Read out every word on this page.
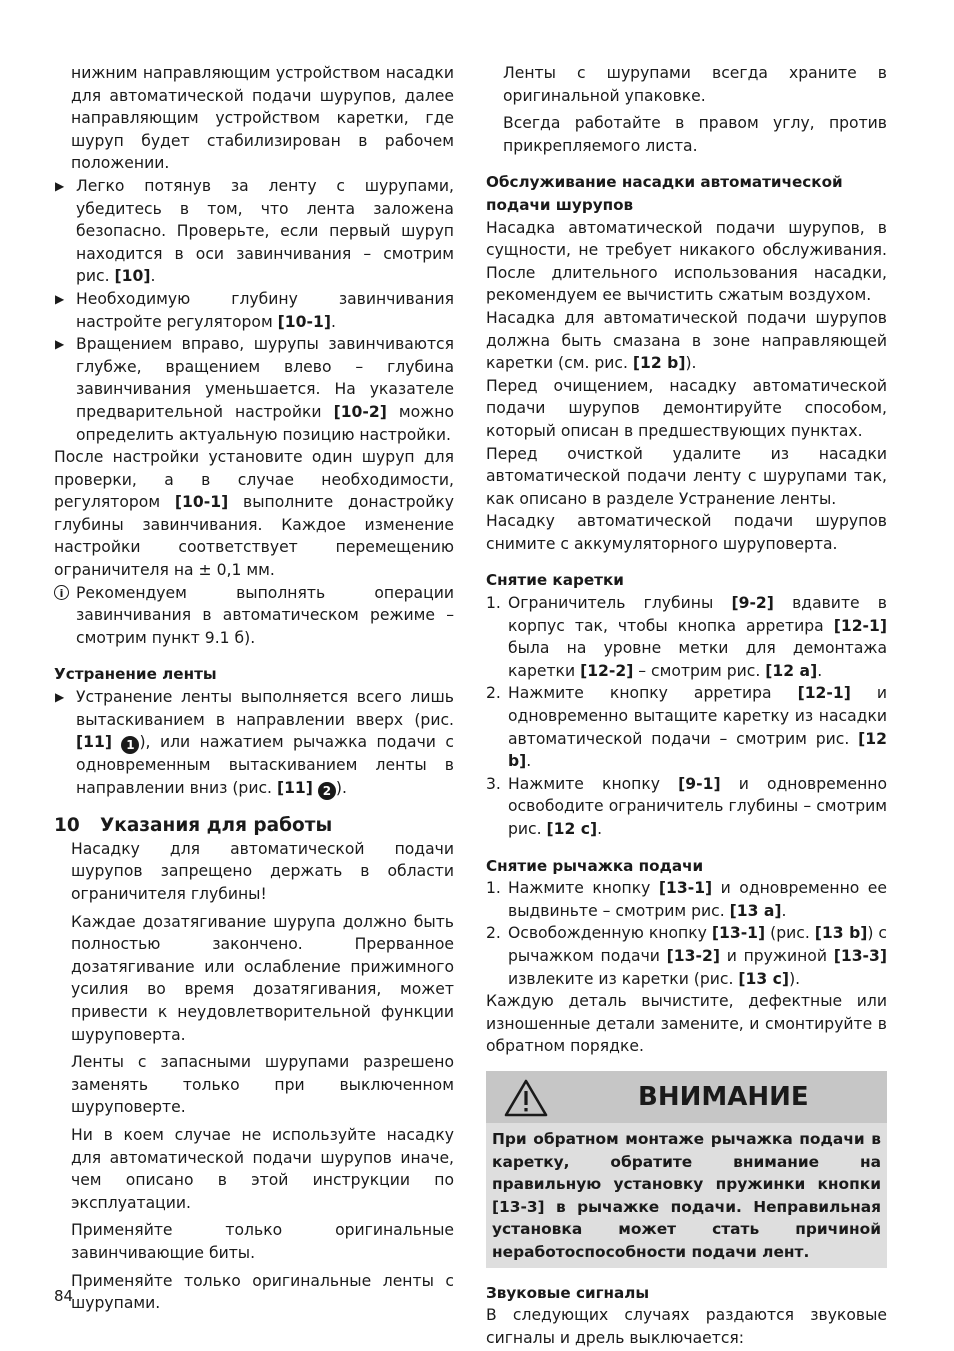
нижним направляющим устройством насадки для автоматической подачи шурупов, далее направляющим устройством каретки, где шуруп будет стабилизирован в рабочем положении.

▶ Легко потянув за ленту с шурупами, убедитесь в том, что лента заложена безопасно. Проверьте, если первый шуруп находится в оси завинчивания – смотрим рис. [10].
▶ Необходимую глубину завинчивания настройте регулятором [10-1].
▶ Вращением вправо, шурупы завинчиваются глубже, вращением влево – глубина завинчивания уменьшается. На указателе предварительной настройки [10-2] можно определить актуальную позицию настройки.

После настройки установите один шуруп для проверки, а в случае необходимости, регулятором [10-1] выполните донастройку глубины завинчивания. Каждое изменение настройки соответствует перемещению ограничителя на ± 0,1 мм.

i Рекомендуем выполнять операции завинчивания в автоматическом режиме – смотрим пункт 9.1 б).
Устранение ленты
▶ Устранение ленты выполняется всего лишь вытаскиванием в направлении вверх (рис. [11] 1 ), или нажатием рычажка подачи с одновременным вытаскиванием ленты в направлении вниз (рис. [11] 2 ).
10 Указания для работы

Насадку для автоматической подачи шурупов запрещено держать в области ограничителя глубины!

Каждае дозатягивание шурупа должно быть полностью закончено. Прерванное дозатягивание или ослабление прижимного усилия во время дозатягивания, может привести к неудовлетворительной функции шуруповерта.

Ленты с запасными шурупами разрешено заменять только при выключенном шуруповерте.

Ни в коем случае не используйте насадку для автоматической подачи шурупов иначе, чем описано в этой инструкции по эксплуатации.

Применяйте только оригинальные завинчивающие биты.

Применяйте только оригинальные ленты с шурупами.

Ленты с шурупами всегда храните в оригинальной упаковке.

Всегда работайте в правом углу, против прикрепляемого листа.

Обслуживание насадки автоматической подачи шурупов

Насадка автоматической подачи шурупов, в сущности, не требует никакого обслуживания. После длительного использования насадки, рекомендуем ее вычистить сжатым воздухом.

Насадка для автоматической подачи шурупов должна быть смазана в зоне направляющей каретки (см. рис. [12 b]).

Перед очищением, насадку автоматической подачи шурупов демонтируйте способом, который описан в предшествующих пунктах.

Перед очисткой удалите из насадки автоматической подачи ленту с шурупами так, как описано в разделе Устранение ленты.

Насадку автоматической подачи шурупов снимите с аккумуляторного шуруповерта.

Снятие каретки
1. Ограничитель глубины [9-2] вдавите в корпус так, чтобы кнопка арретира [12-1] была на уровне метки для демонтажа каретки [12-2] – смотрим рис. [12 a].
2. Нажмите кнопку арретира [12-1] и одновременно вытащите каретку из насадки автоматической подачи – смотрим рис. [12 b].
3. Нажмите кнопку [9-1] и одновременно освободите ограничитель глубины – смотрим рис. [12 c].
Снятие рычажка подачи
1. Нажмите кнопку [13-1] и одновременно ее выдвиньте – смотрим рис. [13 a].
2. Освобожденную кнопку [13-1] (рис. [13 b]) с рычажком подачи [13-2] и пружиной [13-3] извлеките из каретки (рис. [13 c]).

Каждую деталь вычистите, дефектные или изношенные детали замените, и смонтируйте в обратном порядке.

ВНИМАНИЕ
При обратном монтаже рычажка подачи в каретку, обратите внимание на правильную установку пружинки кнопки [13-3] в рычажке подачи. Неправильная установка может стать причиной неработоспособности подачи лент.
Звуковые сигналы

В следующих случаях раздаются звуковые сигналы и дрель выключается:

84
